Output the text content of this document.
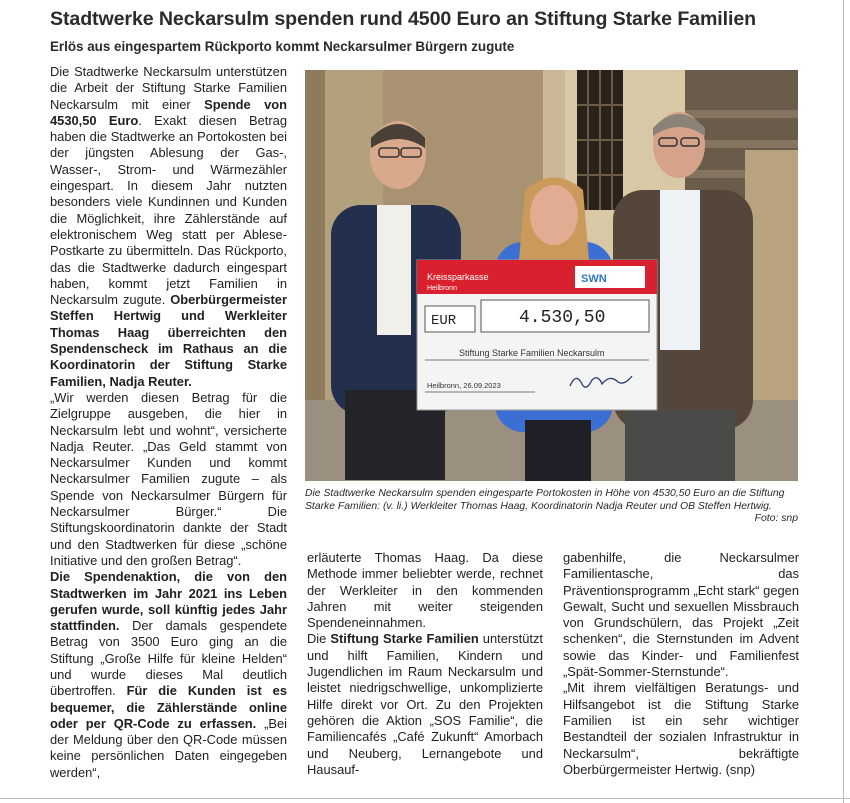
Stadtwerke Neckarsulm spenden rund 4500 Euro an Stiftung Starke Familien
Erlös aus eingespartem Rückporto kommt Neckarsulmer Bürgern zugute

Die Stadtwerke Neckarsulm unterstützen die Arbeit der Stiftung Starke Familien Neckarsulm mit einer Spende von 4530,50 Euro. Exakt diesen Betrag haben die Stadtwerke an Portokosten bei der jüngsten Ablesung der Gas-, Wasser-, Strom- und Wärmezähler eingespart. In diesem Jahr nutzten besonders viele Kundinnen und Kunden die Möglichkeit, ihre Zählerstände auf elektronischem Weg statt per Ablese-Postkarte zu übermitteln. Das Rückporto, das die Stadtwerke dadurch eingespart haben, kommt jetzt Familien in Neckarsulm zugute. Oberbürgermeister Steffen Hertwig und Werkleiter Thomas Haag überreichten den Spendenscheck im Rathaus an die Koordinatorin der Stiftung Starke Familien, Nadja Reuter.

„Wir werden diesen Betrag für die Zielgruppe ausgeben, die hier in Neckarsulm lebt und wohnt“, versicherte Nadja Reuter. „Das Geld stammt von Neckarsulmer Kunden und kommt Neckarsulmer Familien zugute – als Spende von Neckarsulmer Bürgern für Neckarsulmer Bürger.“ Die Stiftungskoordinatorin dankte der Stadt und den Stadtwerken für diese „schöne Initiative und den großen Betrag“.

Die Spendenaktion, die von den Stadtwerken im Jahr 2021 ins Leben gerufen wurde, soll künftig jedes Jahr stattfinden. Der damals gespendete Betrag von 3500 Euro ging an die Stiftung „Große Hilfe für kleine Helden“ und wurde dieses Mal deutlich übertroffen. Für die Kunden ist es bequemer, die Zählerstände online oder per QR-Code zu erfassen. „Bei der Meldung über den QR-Code müssen keine persönlichen Daten eingegeben werden“,

Kreissparkasse
Heilbronn
SWN
EUR	4.530,50
Stiftung Starke Familien Neckarsulm
Heilbronn, 26.09.2023
Die Stadtwerke Neckarsulm spenden eingesparte Portokosten in Höhe von 4530,50 Euro an die Stiftung Starke Familien: (v. li.) Werkleiter Thomas Haag, Koordinatorin Nadja Reuter und OB Steffen Hertwig.
Foto: snp

erläuterte Thomas Haag. Da diese Methode immer beliebter werde, rechnet der Werkleiter in den kommenden Jahren mit weiter steigenden Spendeneinnahmen.

Die Stiftung Starke Familien unterstützt und hilft Familien, Kindern und Jugendlichen im Raum Neckarsulm und leistet niedrigschwellige, unkomplizierte Hilfe direkt vor Ort. Zu den Projekten gehören die Aktion „SOS Familie“, die Familiencafés „Café Zukunft“ Amorbach und Neuberg, Lernangebote und Hausauf-

gabenhilfe, die Neckarsulmer Familientasche, das Präventionsprogramm „Echt stark“ gegen Gewalt, Sucht und sexuellen Missbrauch von Grundschülern, das Projekt „Zeit schenken“, die Sternstunden im Advent sowie das Kinder- und Familienfest „Spät-Sommer-Sternstunde“.

„Mit ihrem vielfältigen Beratungs- und Hilfsangebot ist die Stiftung Starke Familien ist ein sehr wichtiger Bestandteil der sozialen Infrastruktur in Neckarsulm“, bekräftigte Oberbürgermeister Hertwig. (snp)
